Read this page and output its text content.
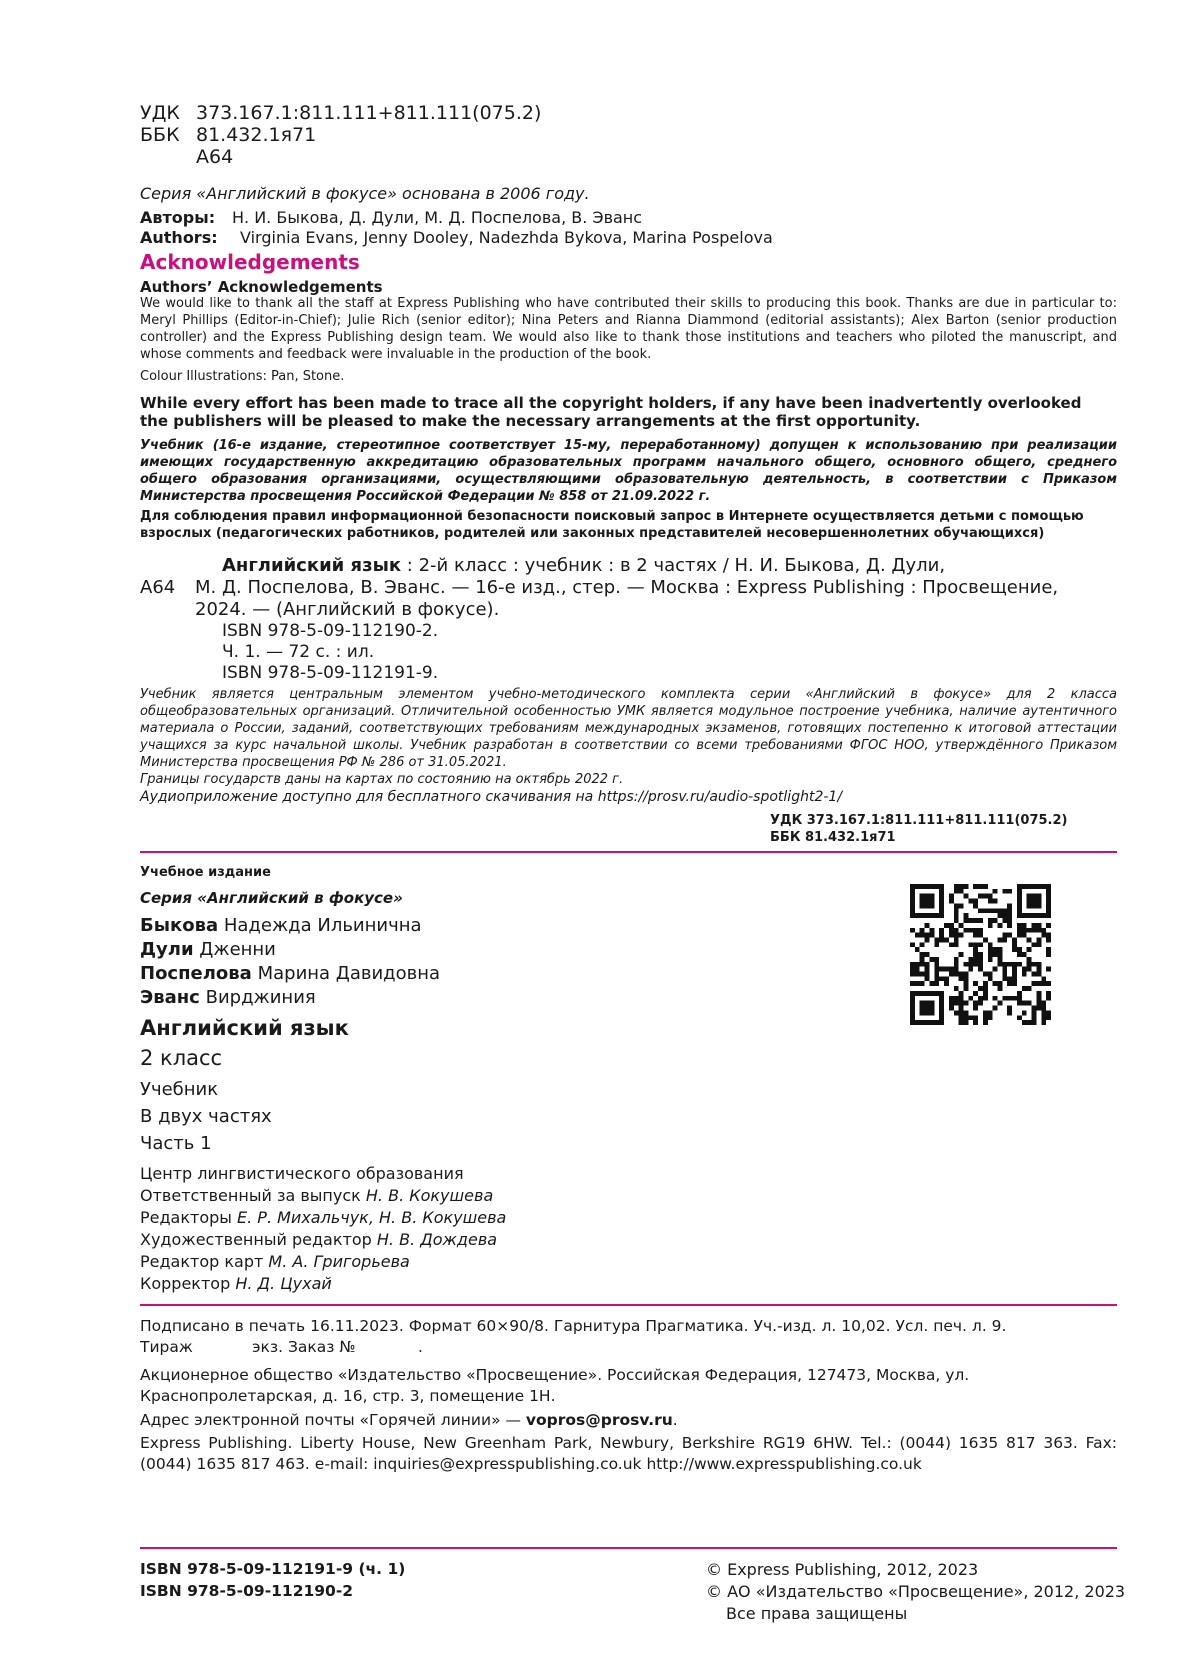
УДК 373.167.1:811.111+811.111(075.2)
ББК 81.432.1я71
А64
Серия «Английский в фокусе» основана в 2006 году.
Авторы: Н. И. Быкова, Д. Дули, М. Д. Поспелова, В. Эванс
Authors: Virginia Evans, Jenny Dooley, Nadezhda Bykova, Marina Pospelova
Acknowledgements
Authors’ Acknowledgements
We would like to thank all the staff at Express Publishing who have contributed their skills to producing this book. Thanks are due in particular to: Meryl Phillips (Editor-in-Chief); Julie Rich (senior editor); Nina Peters and Rianna Diammond (editorial assistants); Alex Barton (senior production controller) and the Express Publishing design team. We would also like to thank those institutions and teachers who piloted the manuscript, and whose comments and feedback were invaluable in the production of the book.
Colour Illustrations: Pan, Stone.
While every effort has been made to trace all the copyright holders, if any have been inadvertently overlooked the publishers will be pleased to make the necessary arrangements at the first opportunity.
Учебник (16-е издание, стереотипное соответствует 15-му, переработанному) допущен к использованию при реализации имеющих государственную аккредитацию образовательных программ начального общего, основного общего, среднего общего образования организациями, осуществляющими образовательную деятельность, в соответствии с Приказом Министерства просвещения Российской Федерации № 858 от 21.09.2022 г.
Для соблюдения правил информационной безопасности поисковый запрос в Интернете осуществляется детьми с помощью взрослых (педагогических работников, родителей или законных представителей несовершеннолетних обучающихся)
А64
Английский язык : 2-й класс : учебник : в 2 частях / Н. И. Быкова, Д. Дули,
М. Д. Поспелова, В. Эванс. — 16-е изд., стер. — Москва : Express Publishing : Просвещение,
2024. — (Английский в фокусе).
ISBN 978-5-09-112190-2.
Ч. 1. — 72 с. : ил.
ISBN 978-5-09-112191-9.
Учебник является центральным элементом учебно-методического комплекта серии «Английский в фокусе» для 2 класса общеобразовательных организаций. Отличительной особенностью УМК является модульное построение учебника, наличие аутентичного материала о России, заданий, соответствующих требованиям международных экзаменов, готовящих постепенно к итоговой аттестации учащихся за курс начальной школы. Учебник разработан в соответствии со всеми требованиями ФГОС НОО, утверждённого Приказом Министерства просвещения РФ № 286 от 31.05.2021.
Границы государств даны на картах по состоянию на октябрь 2022 г.
Аудиоприложение доступно для бесплатного скачивания на https://prosv.ru/audio-spotlight2-1/
УДК 373.167.1:811.111+811.111(075.2)
ББК 81.432.1я71
Учебное издание
Серия «Английский в фокусе»
Быкова Надежда Ильинична
Дули Дженни
Поспелова Марина Давидовна
Эванс Вирджиния
Английский язык
2 класс
Учебник
В двух частях
Часть 1
Центр лингвистического образования
Ответственный за выпуск Н. В. Кокушева
Редакторы Е. Р. Михальчук, Н. В. Кокушева
Художественный редактор Н. В. Дождева
Редактор карт М. А. Григорьева
Корректор Н. Д. Цухай
Подписано в печать 16.11.2023. Формат 60×90/8. Гарнитура Прагматика. Уч.-изд. л. 10,02. Усл. печ. л. 9.
Тираж	экз. Заказ №	.
Акционерное общество «Издательство «Просвещение». Российская Федерация, 127473, Москва, ул. Краснопролетарская, д. 16, стр. 3, помещение 1Н.
Адрес электронной почты «Горячей линии» — vopros@prosv.ru.
Express Publishing. Liberty House, New Greenham Park, Newbury, Berkshire RG19 6HW. Tel.: (0044) 1635 817 363. Fax: (0044) 1635 817 463. e-mail: inquiries@expresspublishing.co.uk http://www.expresspublishing.co.uk
ISBN 978-5-09-112191-9 (ч. 1)
ISBN 978-5-09-112190-2
© Express Publishing, 2012, 2023
© АО «Издательство «Просвещение», 2012, 2023
Все права защищены
